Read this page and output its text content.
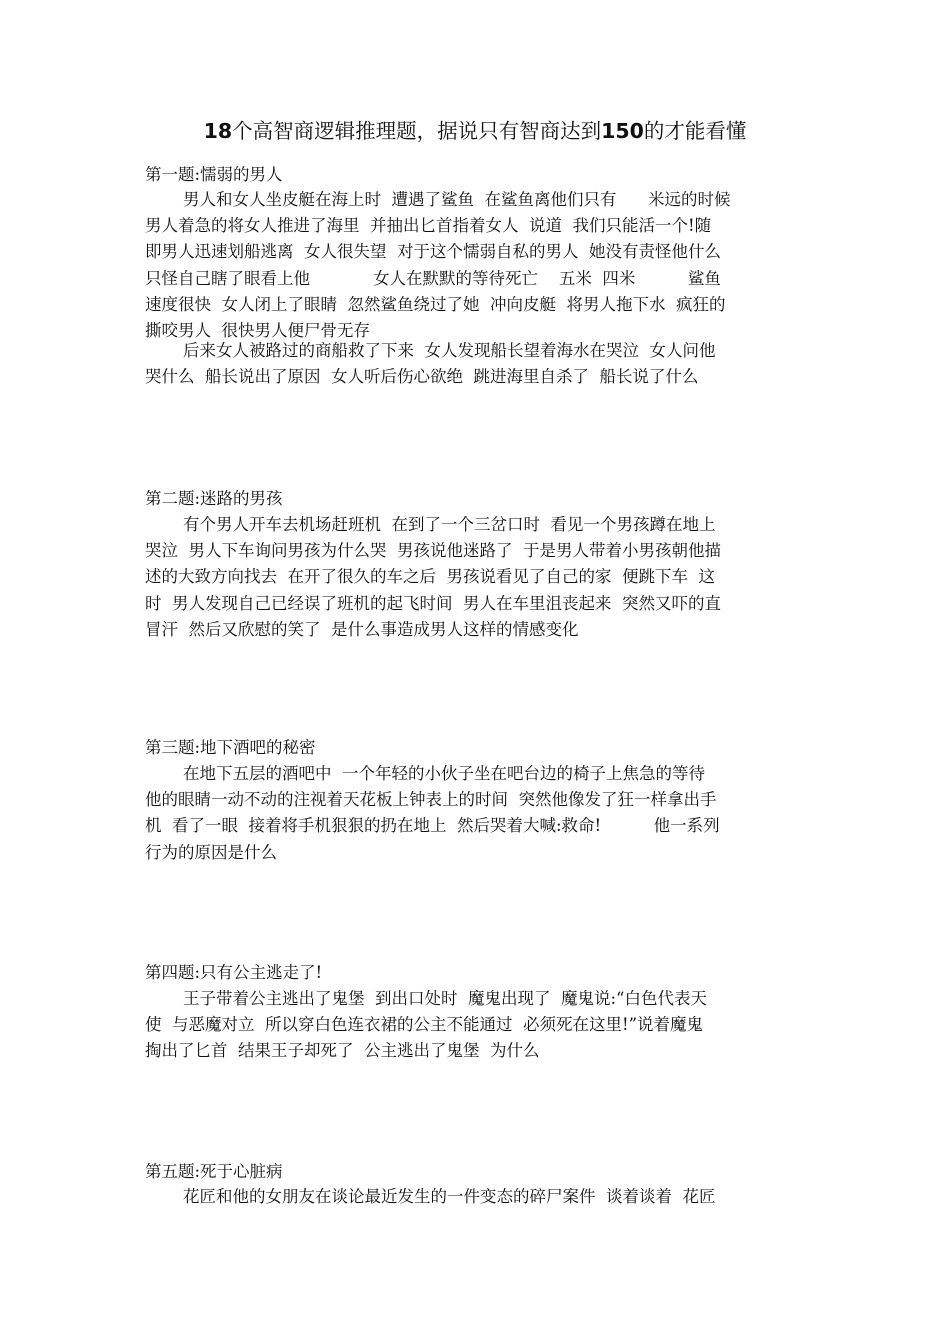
18个高智商逻辑推理题，据说只有智商达到150的才能看懂
第一题:懦弱的男人
男人和女人坐皮艇在海上时  遭遇了鲨鱼  在鲨鱼离他们只有      米远的时候
男人着急的将女人推进了海里  并抽出匕首指着女人  说道  我们只能活一个!随
即男人迅速划船逃离  女人很失望  对于这个懦弱自私的男人  她没有责怪他什么
只怪自己瞎了眼看上他            女人在默默的等待死亡    五米  四米          鲨鱼
速度很快  女人闭上了眼睛  忽然鲨鱼绕过了她  冲向皮艇  将男人拖下水  疯狂的
撕咬男人  很快男人便尸骨无存
后来女人被路过的商船救了下来  女人发现船长望着海水在哭泣  女人问他
哭什么  船长说出了原因  女人听后伤心欲绝  跳进海里自杀了  船长说了什么
第二题:迷路的男孩
有个男人开车去机场赶班机  在到了一个三岔口时  看见一个男孩蹲在地上
哭泣  男人下车询问男孩为什么哭  男孩说他迷路了  于是男人带着小男孩朝他描
述的大致方向找去  在开了很久的车之后  男孩说看见了自己的家  便跳下车  这
时  男人发现自己已经误了班机的起飞时间  男人在车里沮丧起来  突然又吓的直
冒汗  然后又欣慰的笑了  是什么事造成男人这样的情感变化
第三题:地下酒吧的秘密
在地下五层的酒吧中  一个年轻的小伙子坐在吧台边的椅子上焦急的等待
他的眼睛一动不动的注视着天花板上钟表上的时间  突然他像发了狂一样拿出手
机  看了一眼  接着将手机狠狠的扔在地上  然后哭着大喊:救命!          他一系列
行为的原因是什么
第四题:只有公主逃走了!
王子带着公主逃出了鬼堡  到出口处时  魔鬼出现了  魔鬼说:“白色代表天
使  与恶魔对立  所以穿白色连衣裙的公主不能通过  必须死在这里!”说着魔鬼
掏出了匕首  结果王子却死了  公主逃出了鬼堡  为什么
第五题:死于心脏病
花匠和他的女朋友在谈论最近发生的一件变态的碎尸案件  谈着谈着  花匠
